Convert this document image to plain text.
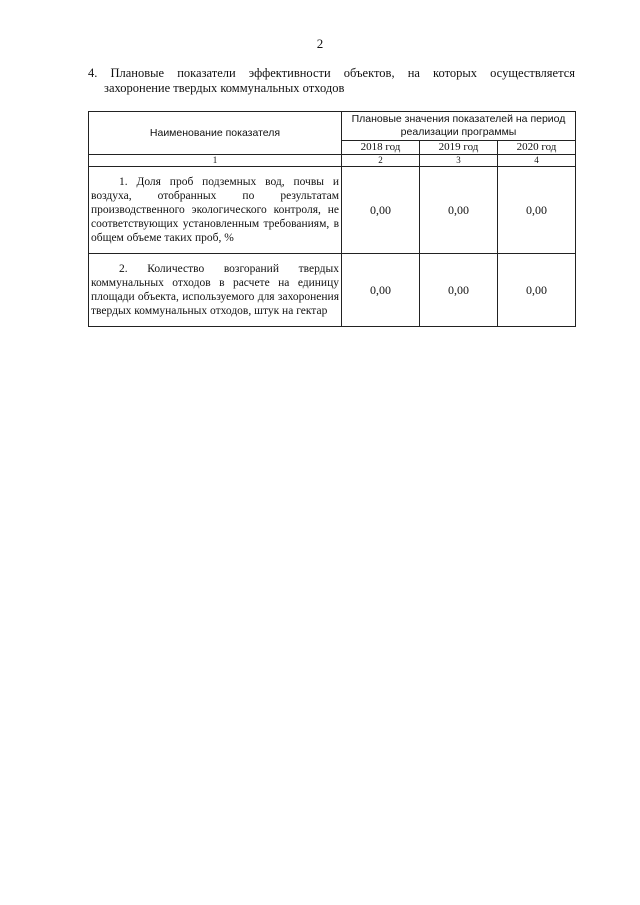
2
4. Плановые показатели эффективности объектов, на которых осуществляется
захоронение твердых коммунальных отходов
Наименование показателя	Плановые значения показателей на период реализации программы		
	2018 год	2019 год	2020 год
1	2	3	4

1. Доля проб подземных вод, почвы и воздуха, отобранных по результатам производственного экологического контроля, не соответствующих установленным требованиям, в общем объеме таких проб, %	0,00	0,00	0,00

2. Количество возгораний твердых коммунальных отходов в расчете на единицу площади объекта, используемого для захоронения твердых коммунальных отходов, штук на гектар	0,00	0,00	0,00
